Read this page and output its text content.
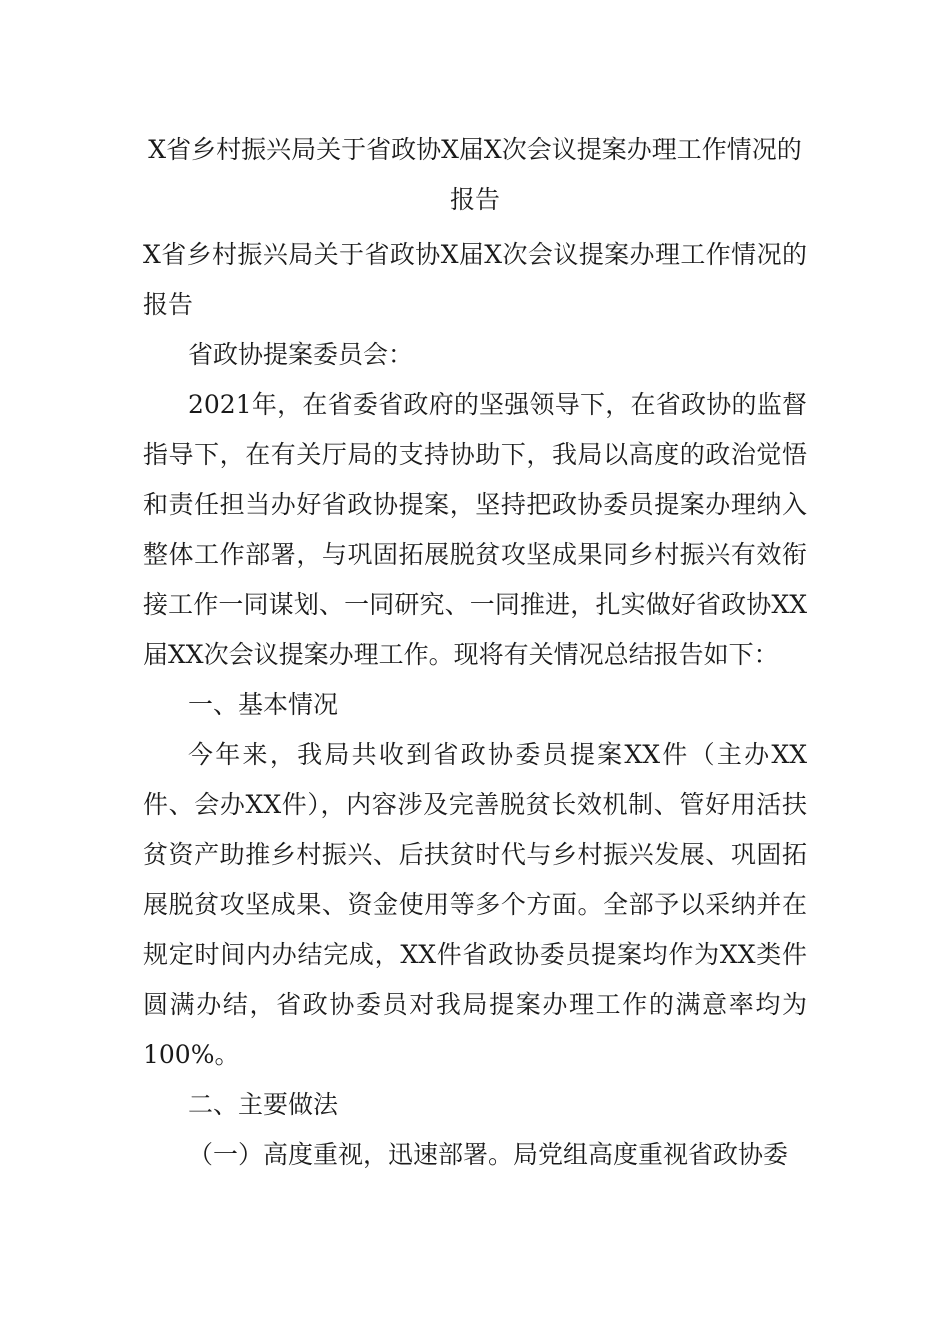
X省乡村振兴局关于省政协X届X次会议提案办理工作情况的报告

X省乡村振兴局关于省政协X届X次会议提案办理工作情况的报告

省政协提案委员会：

2021年，在省委省政府的坚强领导下，在省政协的监督指导下，在有关厅局的支持协助下，我局以高度的政治觉悟和责任担当办好省政协提案，坚持把政协委员提案办理纳入整体工作部署，与巩固拓展脱贫攻坚成果同乡村振兴有效衔接工作一同谋划、一同研究、一同推进，扎实做好省政协XX届XX次会议提案办理工作。现将有关情况总结报告如下：

一、基本情况

今年来，我局共收到省政协委员提案XX件（主办XX件、会办XX件），内容涉及完善脱贫长效机制、管好用活扶贫资产助推乡村振兴、后扶贫时代与乡村振兴发展、巩固拓展脱贫攻坚成果、资金使用等多个方面。全部予以采纳并在规定时间内办结完成，XX件省政协委员提案均作为XX类件圆满办结，省政协委员对我局提案办理工作的满意率均为100%。

二、主要做法

（一）高度重视，迅速部署。局党组高度重视省政协委
